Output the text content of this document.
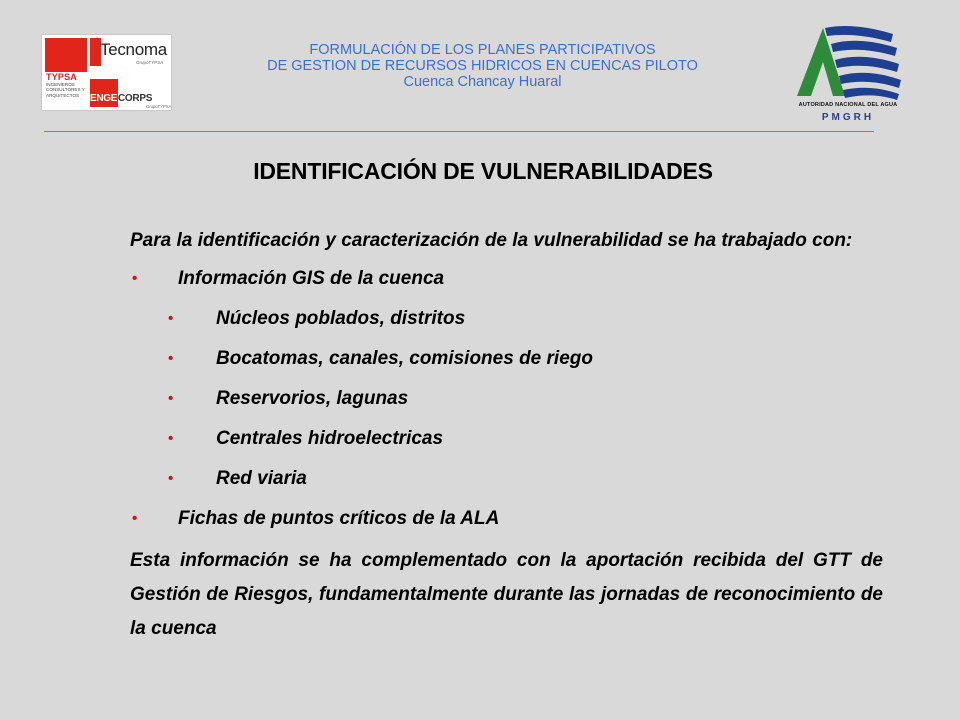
TYPSA
INGENIEROS CONSULTORES Y ARQUITECTOS
Tecnoma
GrupoTYPSA
ENGE CORPS
GrupoTYPSA
FORMULACIÓN DE LOS PLANES PARTICIPATIVOS
DE GESTION DE RECURSOS HIDRICOS EN CUENCAS PILOTO
Cuenca Chancay Huaral
AUTORIDAD NACIONAL DEL AGUA
PMGRH
IDENTIFICACIÓN DE VULNERABILIDADES

Para la identificación y caracterización de la vulnerabilidad se ha trabajado con:

• Información GIS de la cuenca
• Núcleos poblados, distritos
• Bocatomas, canales, comisiones de riego
• Reservorios, lagunas
• Centrales hidroelectricas
• Red viaria
• Fichas de puntos críticos de la ALA

Esta información se ha complementado con la aportación recibida del GTT de Gestión de Riesgos, fundamentalmente durante las jornadas de reconocimiento de la cuenca
